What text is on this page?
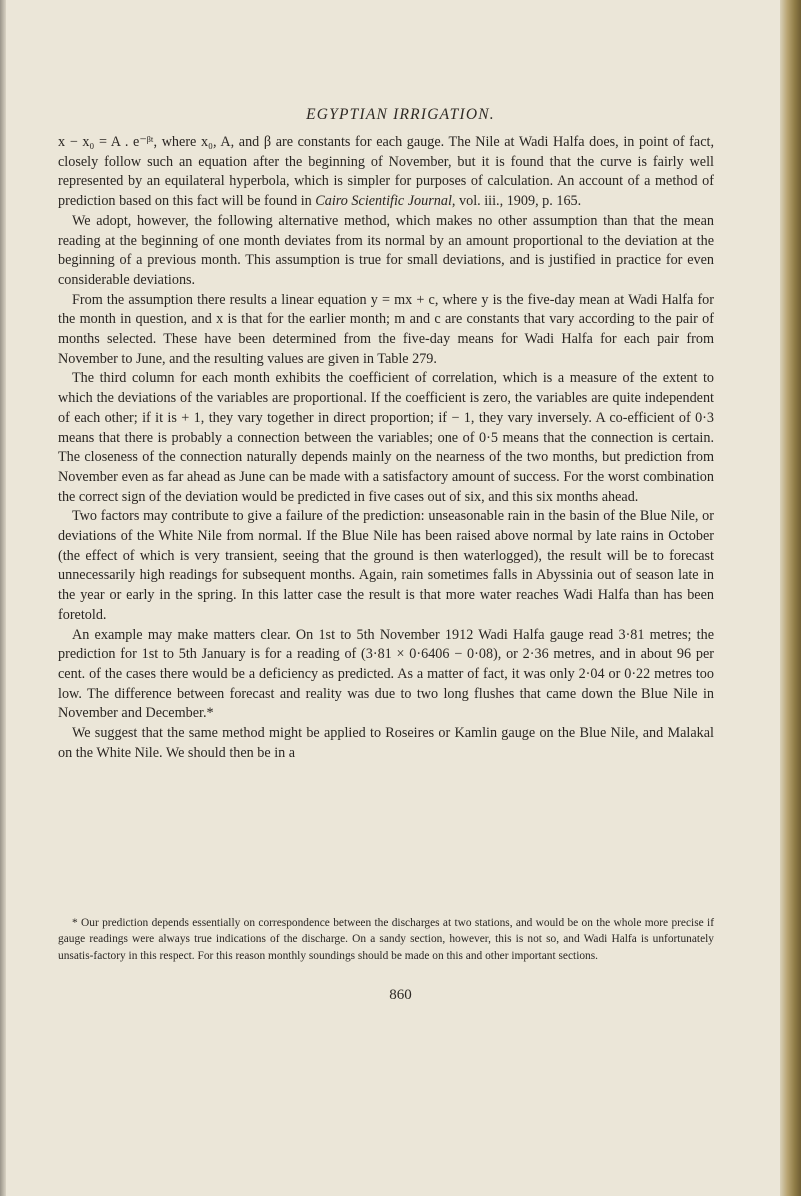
EGYPTIAN IRRIGATION.

x − x₀ = A . e⁻ᵝᵗ, where x₀, A, and β are constants for each gauge. The Nile at Wadi Halfa does, in point of fact, closely follow such an equation after the beginning of November, but it is found that the curve is fairly well represented by an equilateral hyperbola, which is simpler for purposes of calculation. An account of a method of prediction based on this fact will be found in Cairo Scientific Journal, vol. iii., 1909, p. 165.

We adopt, however, the following alternative method, which makes no other assumption than that the mean reading at the beginning of one month deviates from its normal by an amount proportional to the deviation at the beginning of a previous month. This assumption is true for small deviations, and is justified in practice for even considerable deviations.

From the assumption there results a linear equation y = mx + c, where y is the five-day mean at Wadi Halfa for the month in question, and x is that for the earlier month; m and c are constants that vary according to the pair of months selected. These have been determined from the five-day means for Wadi Halfa for each pair from November to June, and the resulting values are given in Table 279.

The third column for each month exhibits the coefficient of correlation, which is a measure of the extent to which the deviations of the variables are proportional. If the coefficient is zero, the variables are quite independent of each other; if it is + 1, they vary together in direct proportion; if − 1, they vary inversely. A co-efficient of 0·3 means that there is probably a connection between the variables; one of 0·5 means that the connection is certain. The closeness of the connection naturally depends mainly on the nearness of the two months, but prediction from November even as far ahead as June can be made with a satisfactory amount of success. For the worst combination the correct sign of the deviation would be predicted in five cases out of six, and this six months ahead.

Two factors may contribute to give a failure of the prediction: unseasonable rain in the basin of the Blue Nile, or deviations of the White Nile from normal. If the Blue Nile has been raised above normal by late rains in October (the effect of which is very transient, seeing that the ground is then waterlogged), the result will be to forecast unnecessarily high readings for subsequent months. Again, rain sometimes falls in Abyssinia out of season late in the year or early in the spring. In this latter case the result is that more water reaches Wadi Halfa than has been foretold.

An example may make matters clear. On 1st to 5th November 1912 Wadi Halfa gauge read 3·81 metres; the prediction for 1st to 5th January is for a reading of (3·81 × 0·6406 − 0·08), or 2·36 metres, and in about 96 per cent. of the cases there would be a deficiency as predicted. As a matter of fact, it was only 2·04 or 0·22 metres too low. The difference between forecast and reality was due to two long flushes that came down the Blue Nile in November and December.*

We suggest that the same method might be applied to Roseires or Kamlin gauge on the Blue Nile, and Malakal on the White Nile. We should then be in a

* Our prediction depends essentially on correspondence between the discharges at two stations, and would be on the whole more precise if gauge readings were always true indications of the discharge. On a sandy section, however, this is not so, and Wadi Halfa is unfortunately unsatis-factory in this respect. For this reason monthly soundings should be made on this and other important sections.

860
